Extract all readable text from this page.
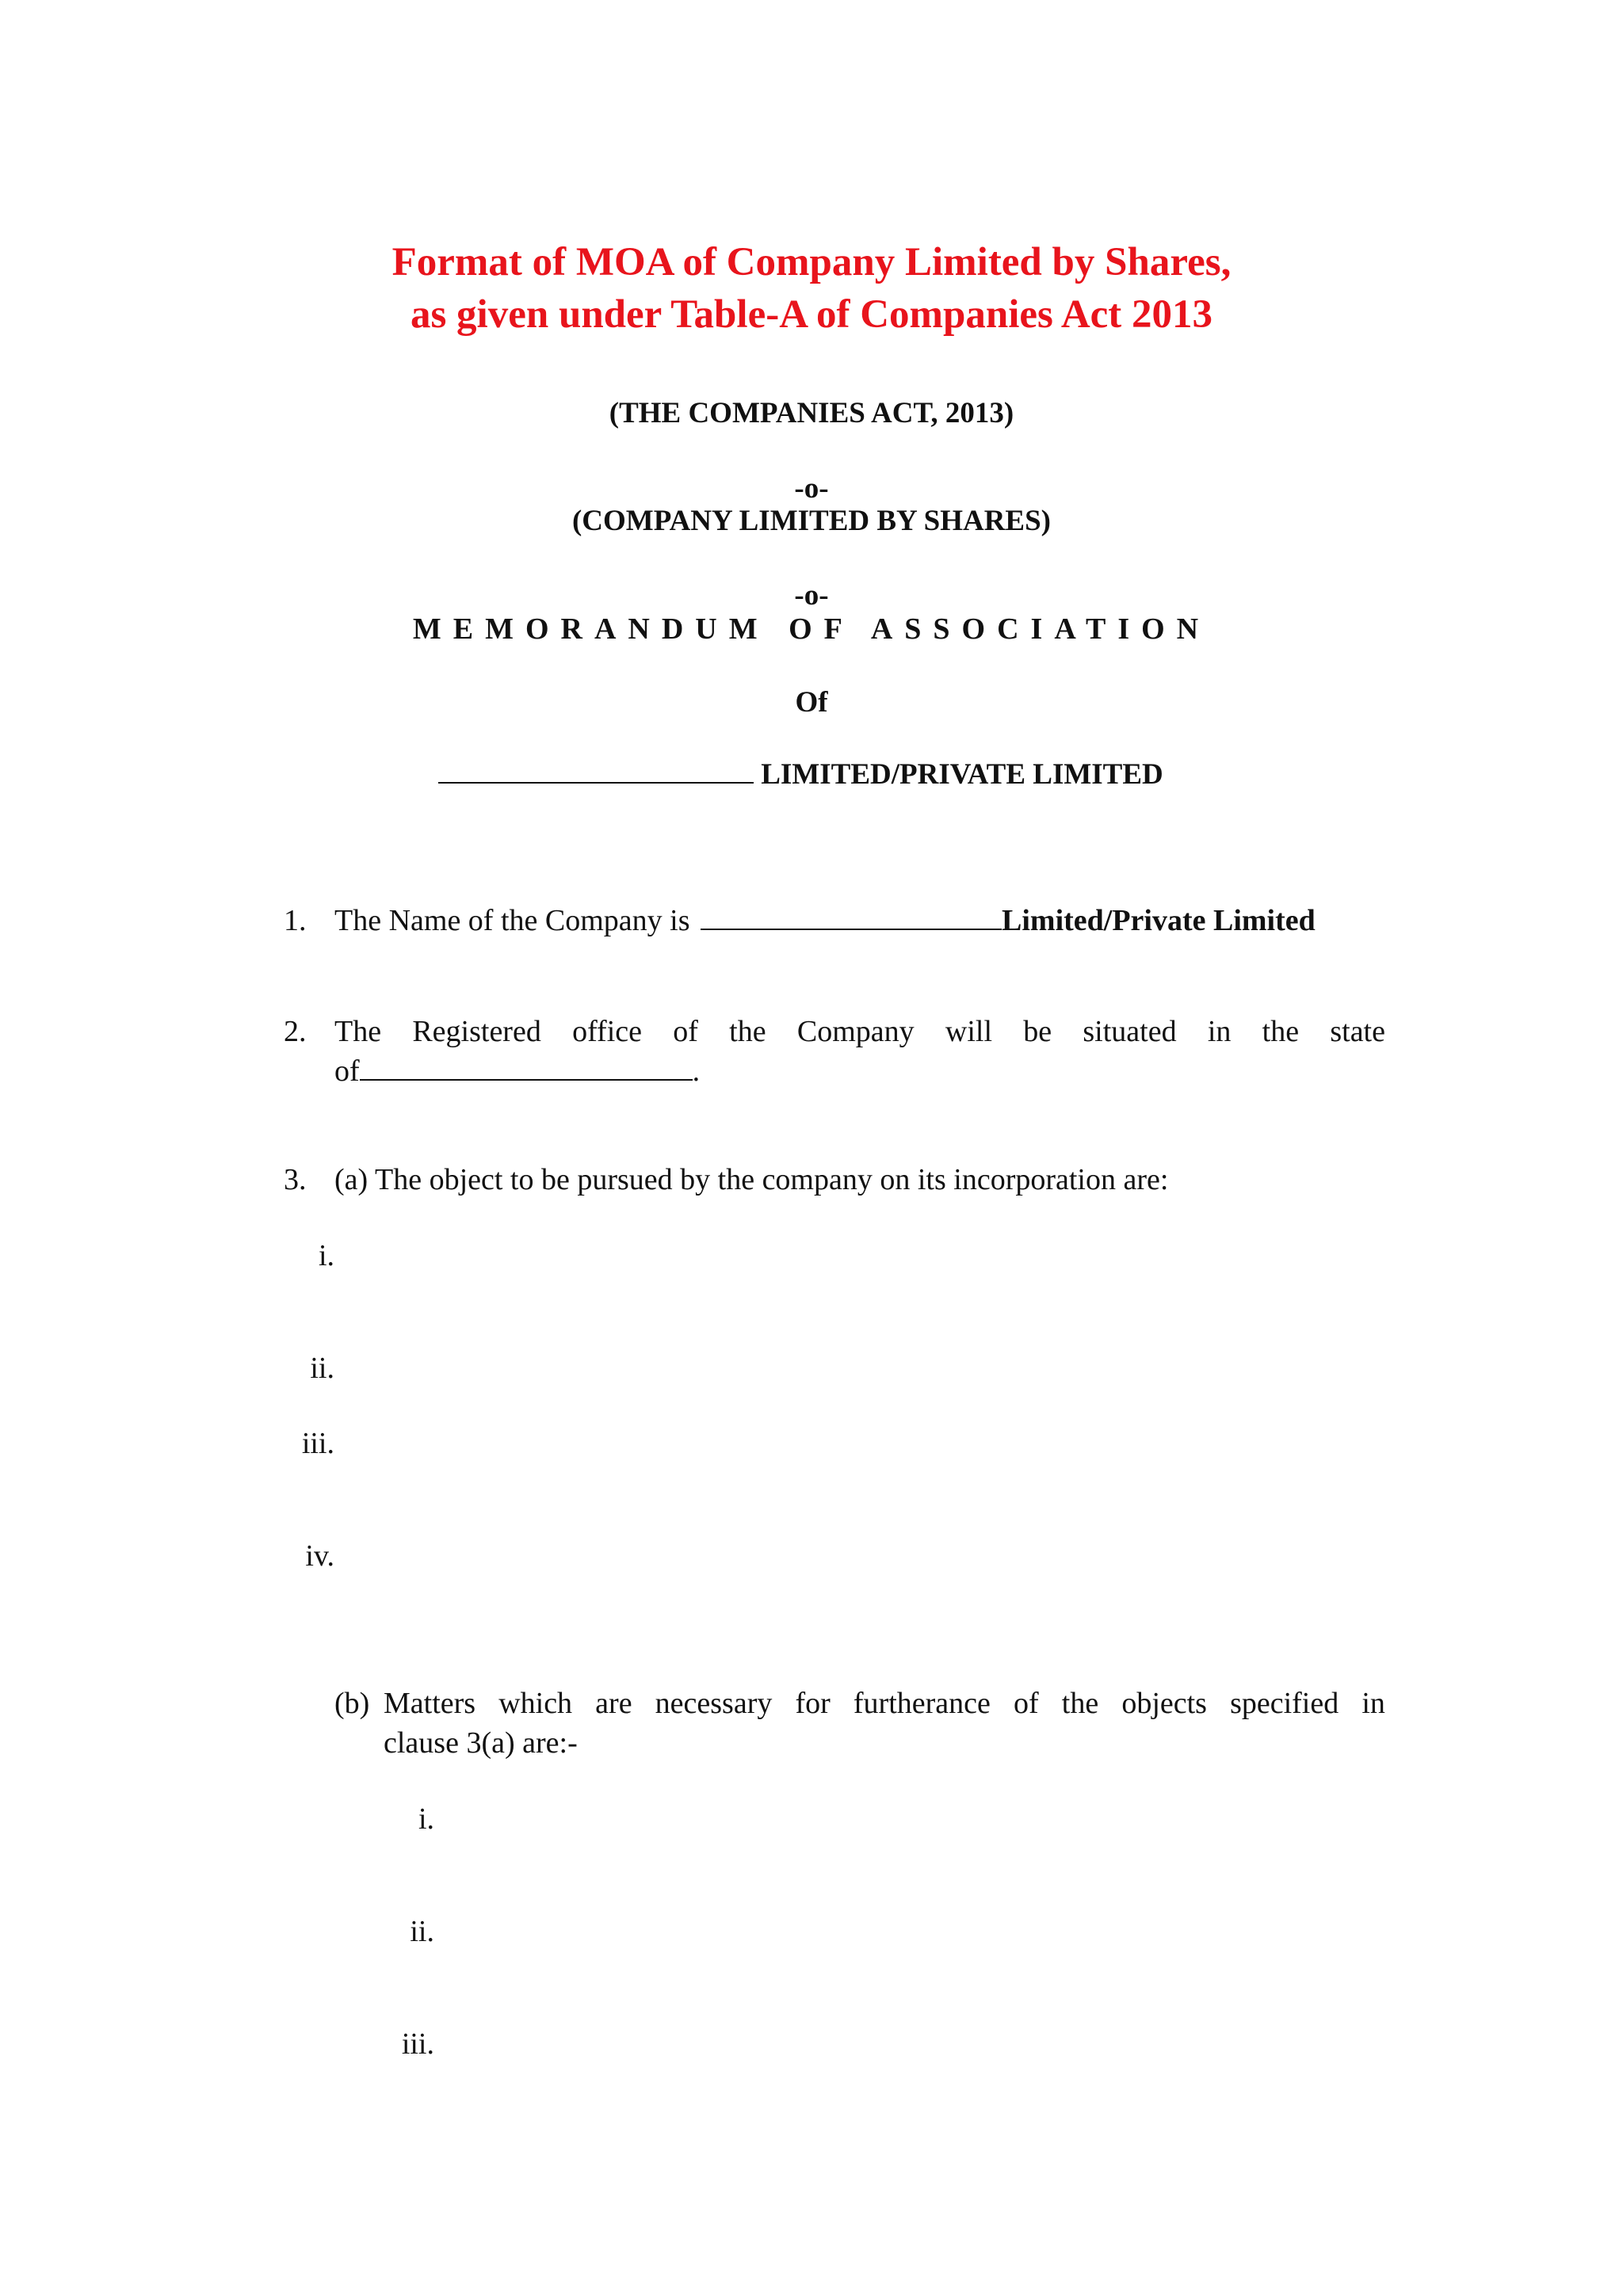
Format of MOA of Company Limited by Shares,
as given under Table-A of Companies Act 2013
(THE COMPANIES ACT, 2013)
-o-
(COMPANY LIMITED BY SHARES)
-o-
MEMORANDUM OF ASSOCIATION
Of
LIMITED/PRIVATE LIMITED
1. The Name of the Company is	Limited/Private Limited
2. The Registered office of the Company will be situated in the state
of	.
3. (a) The object to be pursued by the company on its incorporation are:
i.
ii.
iii.
iv.
(b) Matters which are necessary for furtherance of the objects specified in
clause 3(a) are:-
i.
ii.
iii.
